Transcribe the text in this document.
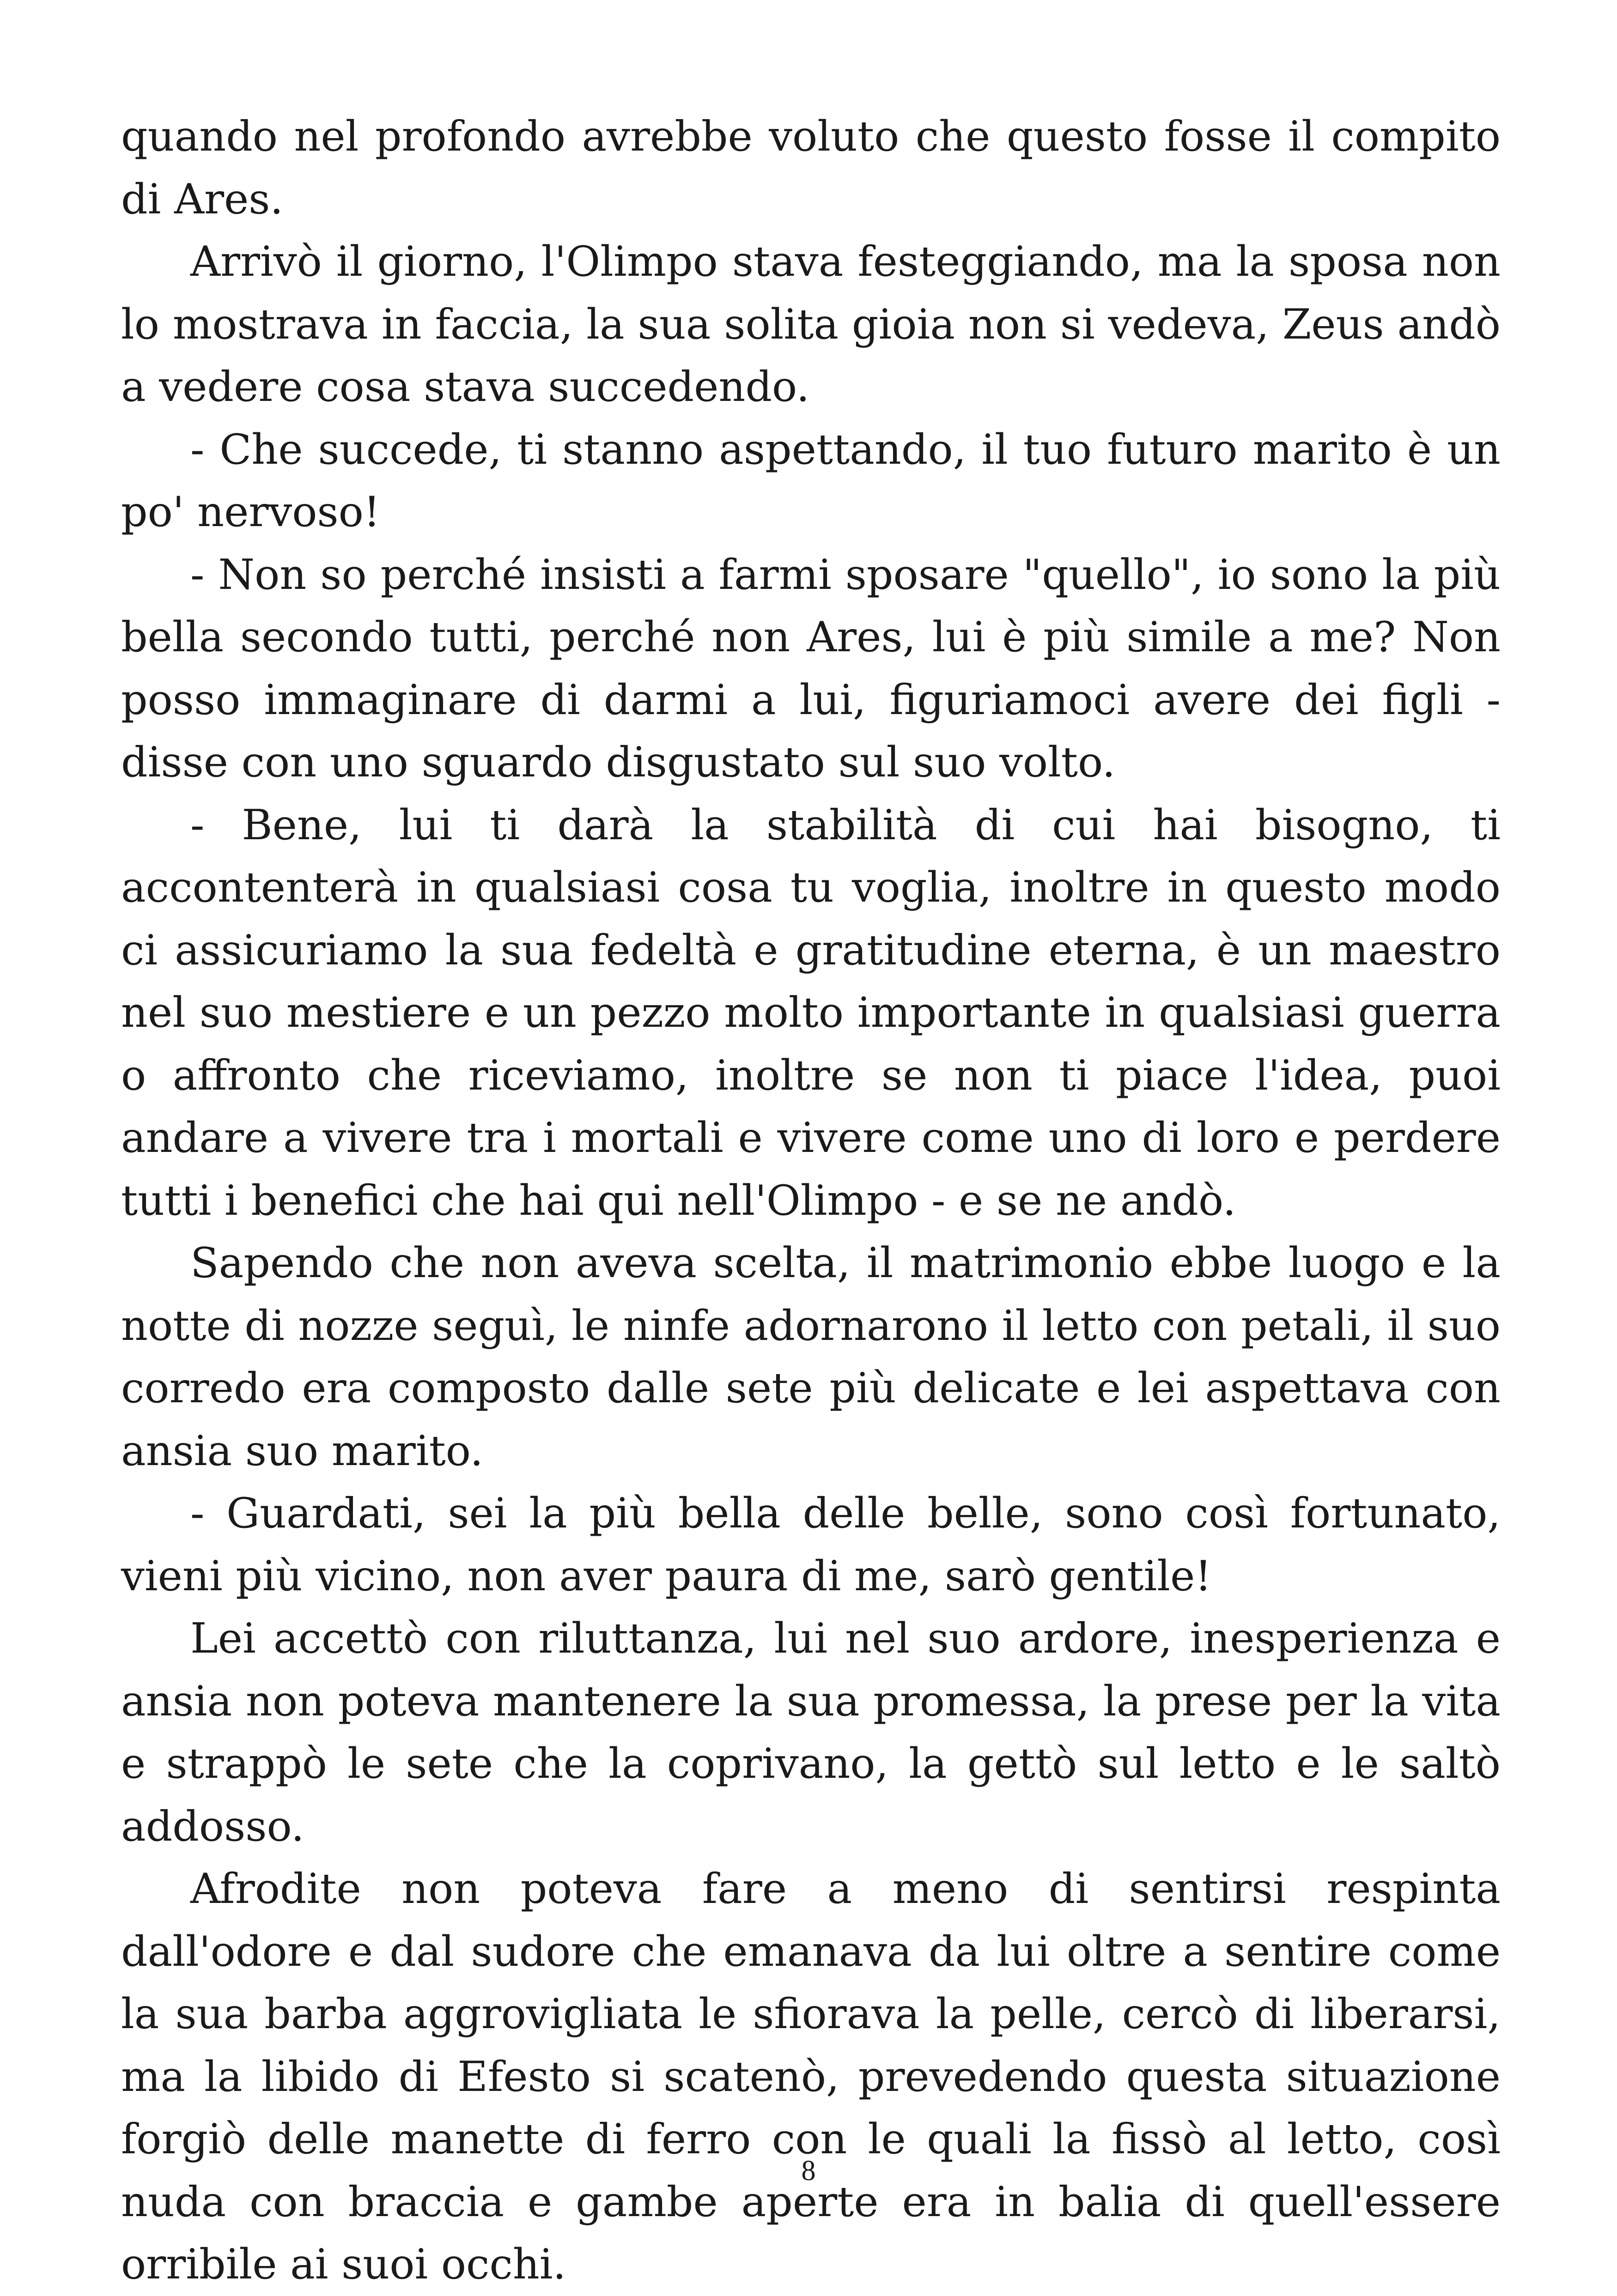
quando nel profondo avrebbe voluto che questo fosse il compito di Ares.

Arrivò il giorno, l'Olimpo stava festeggiando, ma la sposa non lo mostrava in faccia, la sua solita gioia non si vedeva, Zeus andò a vedere cosa stava succedendo.

- Che succede, ti stanno aspettando, il tuo futuro marito è un po' nervoso!

- Non so perché insisti a farmi sposare "quello", io sono la più bella secondo tutti, perché non Ares, lui è più simile a me? Non posso immaginare di darmi a lui, figuriamoci avere dei figli - disse con uno sguardo disgustato sul suo volto.

- Bene, lui ti darà la stabilità di cui hai bisogno, ti accontenterà in qualsiasi cosa tu voglia, inoltre in questo modo ci assicuriamo la sua fedeltà e gratitudine eterna, è un maestro nel suo mestiere e un pezzo molto importante in qualsiasi guerra o affronto che riceviamo, inoltre se non ti piace l'idea, puoi andare a vivere tra i mortali e vivere come uno di loro e perdere tutti i benefici che hai qui nell'Olimpo - e se ne andò.

Sapendo che non aveva scelta, il matrimonio ebbe luogo e la notte di nozze seguì, le ninfe adornarono il letto con petali, il suo corredo era composto dalle sete più delicate e lei aspettava con ansia suo marito.

- Guardati, sei la più bella delle belle, sono così fortunato, vieni più vicino, non aver paura di me, sarò gentile!

Lei accettò con riluttanza, lui nel suo ardore, inesperienza e ansia non poteva mantenere la sua promessa, la prese per la vita e strappò le sete che la coprivano, la gettò sul letto e le saltò addosso.

Afrodite non poteva fare a meno di sentirsi respinta dall'odore e dal sudore che emanava da lui oltre a sentire come la sua barba aggrovigliata le sfiorava la pelle, cercò di liberarsi, ma la libido di Efesto si scatenò, prevedendo questa situazione forgiò delle manette di ferro con le quali la fissò al letto, così nuda con braccia e gambe aperte era in balia di quell'essere orribile ai suoi occhi.

8
